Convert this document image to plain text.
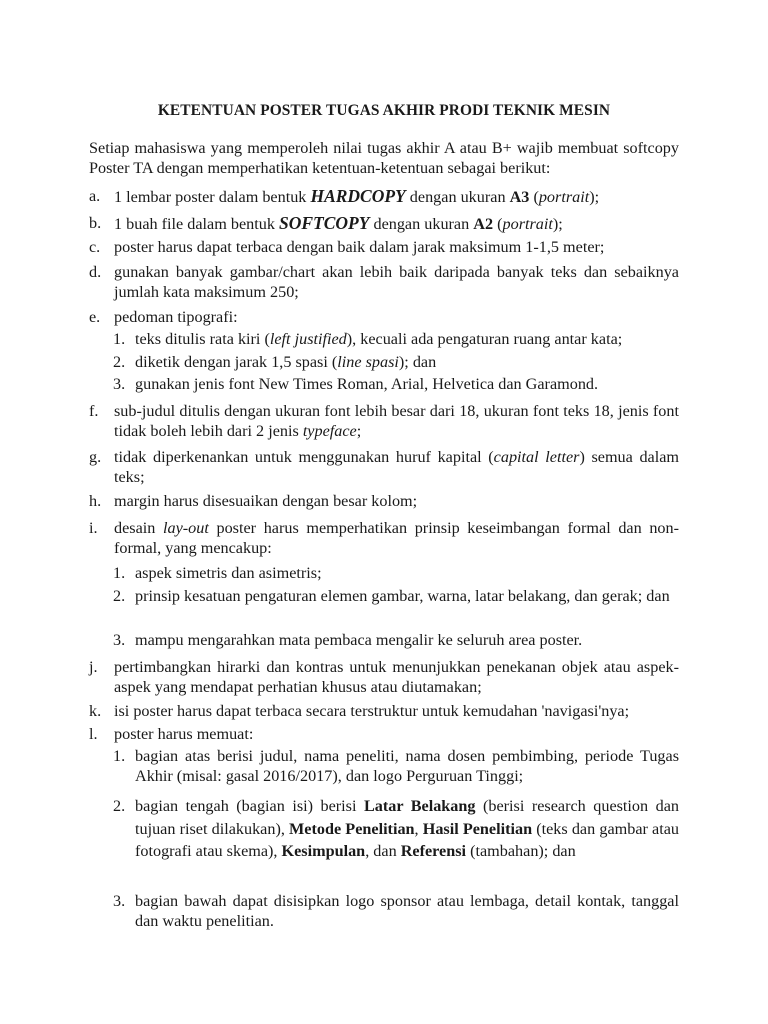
KETENTUAN POSTER TUGAS AKHIR PRODI TEKNIK MESIN
Setiap mahasiswa yang memperoleh nilai tugas akhir A atau B+ wajib membuat softcopy Poster TA dengan memperhatikan ketentuan-ketentuan sebagai berikut:
a. 1 lembar poster dalam bentuk HARDCOPY dengan ukuran A3 (portrait);
b. 1 buah file dalam bentuk SOFTCOPY dengan ukuran A2 (portrait);
c. poster harus dapat terbaca dengan baik dalam jarak maksimum 1-1,5 meter;
d. gunakan banyak gambar/chart akan lebih baik daripada banyak teks dan sebaiknya jumlah kata maksimum 250;
e. pedoman tipografi:
1. teks ditulis rata kiri (left justified), kecuali ada pengaturan ruang antar kata;
2. diketik dengan jarak 1,5 spasi (line spasi); dan
3. gunakan jenis font New Times Roman, Arial, Helvetica dan Garamond.
f. sub-judul ditulis dengan ukuran font lebih besar dari 18, ukuran font teks 18, jenis font tidak boleh lebih dari 2 jenis typeface;
g. tidak diperkenankan untuk menggunakan huruf kapital (capital letter) semua dalam teks;
h. margin harus disesuaikan dengan besar kolom;
i. desain lay-out poster harus memperhatikan prinsip keseimbangan formal dan non-formal, yang mencakup:
1. aspek simetris dan asimetris;
2. prinsip kesatuan pengaturan elemen gambar, warna, latar belakang, dan gerak; dan
3. mampu mengarahkan mata pembaca mengalir ke seluruh area poster.
j. pertimbangkan hirarki dan kontras untuk menunjukkan penekanan objek atau aspek-aspek yang mendapat perhatian khusus atau diutamakan;
k. isi poster harus dapat terbaca secara terstruktur untuk kemudahan 'navigasi'nya;
l. poster harus memuat:
1. bagian atas berisi judul, nama peneliti, nama dosen pembimbing, periode Tugas Akhir (misal: gasal 2016/2017), dan logo Perguruan Tinggi;
2. bagian tengah (bagian isi) berisi Latar Belakang (berisi research question dan tujuan riset dilakukan), Metode Penelitian, Hasil Penelitian (teks dan gambar atau fotografi atau skema), Kesimpulan, dan Referensi (tambahan); dan
3. bagian bawah dapat disisipkan logo sponsor atau lembaga, detail kontak, tanggal dan waktu penelitian.
